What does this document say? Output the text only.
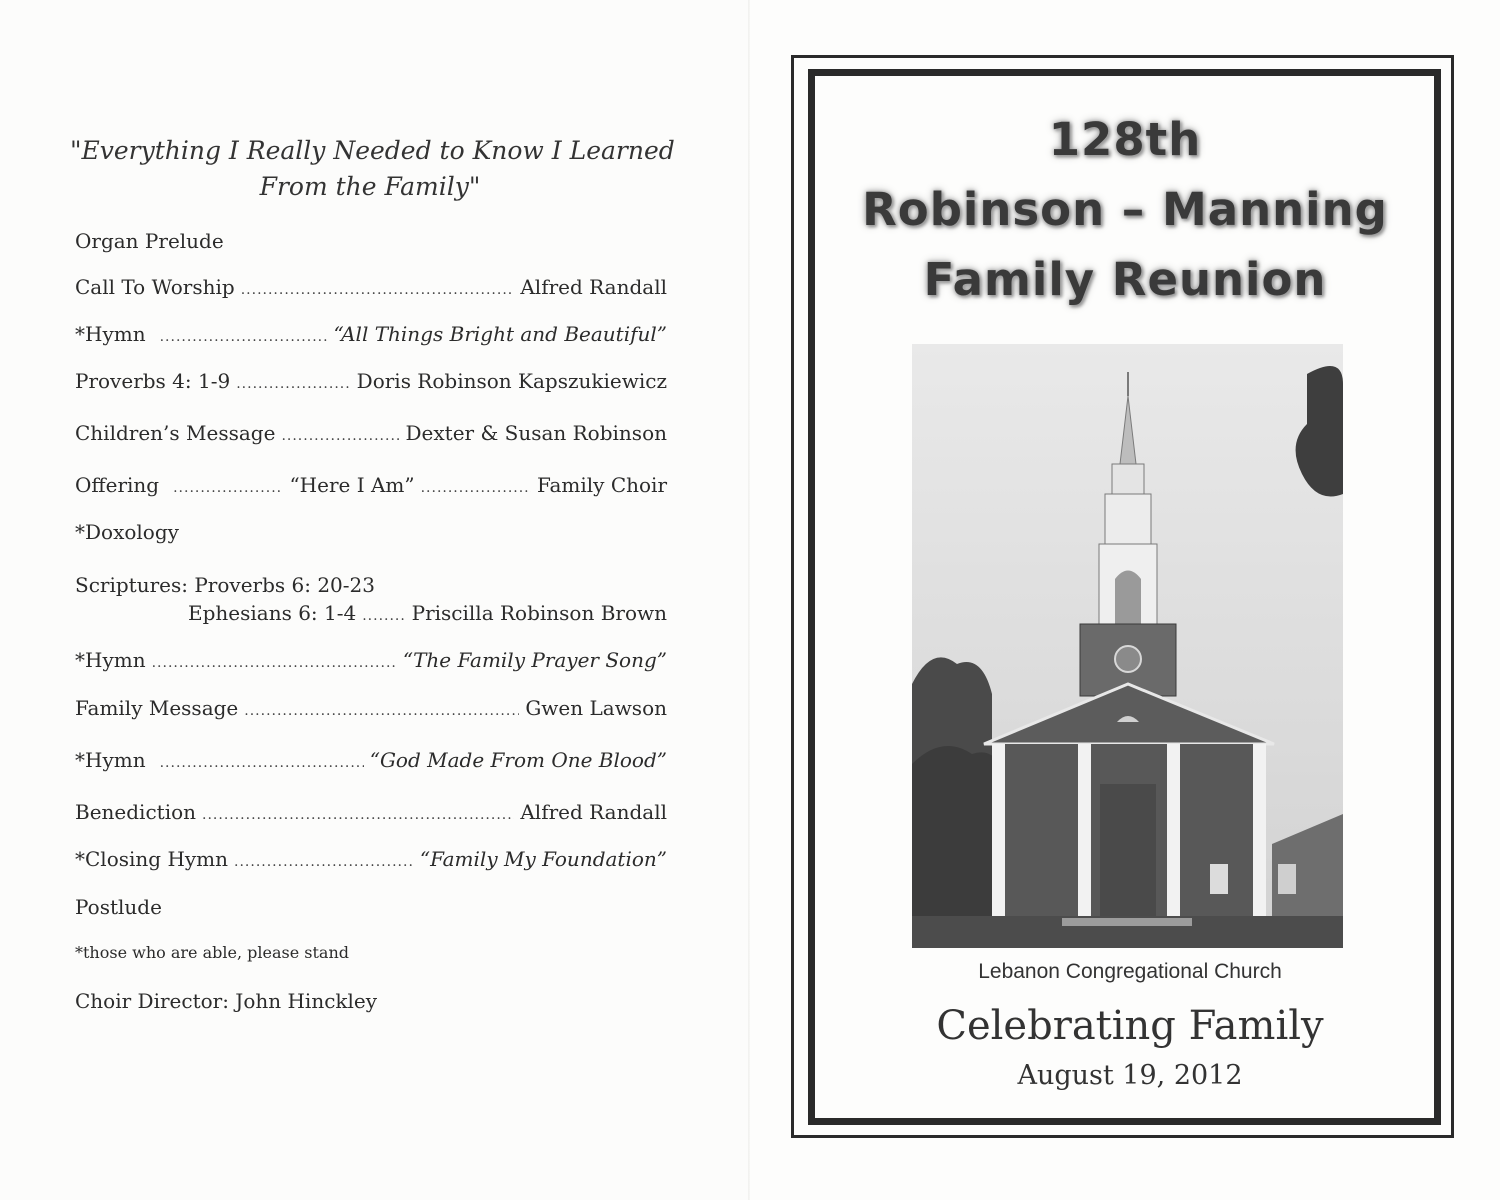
"Everything I Really Needed to Know I Learned
From the Family"
Organ Prelude
Call To Worship .....	Alfred Randall
*Hymn .....	“All Things Bright and Beautiful”
Proverbs 4: 1-9 .....	Doris Robinson Kapszukiewicz
Children’s Message .....	Dexter & Susan Robinson
Offering .....	“Here I Am” .....	Family Choir
*Doxology
Scriptures: Proverbs 6: 20-23
Ephesians 6: 1-4 .....	Priscilla Robinson Brown
*Hymn .....	“The Family Prayer Song”
Family Message .....	Gwen Lawson
*Hymn .....	“God Made From One Blood”
Benediction .....	Alfred Randall
*Closing Hymn .....	“Family My Foundation”
Postlude
*those who are able, please stand
Choir Director: John Hinckley
128th
Robinson – Manning
Family Reunion
Lebanon Congregational Church
Celebrating Family
August 19, 2012
